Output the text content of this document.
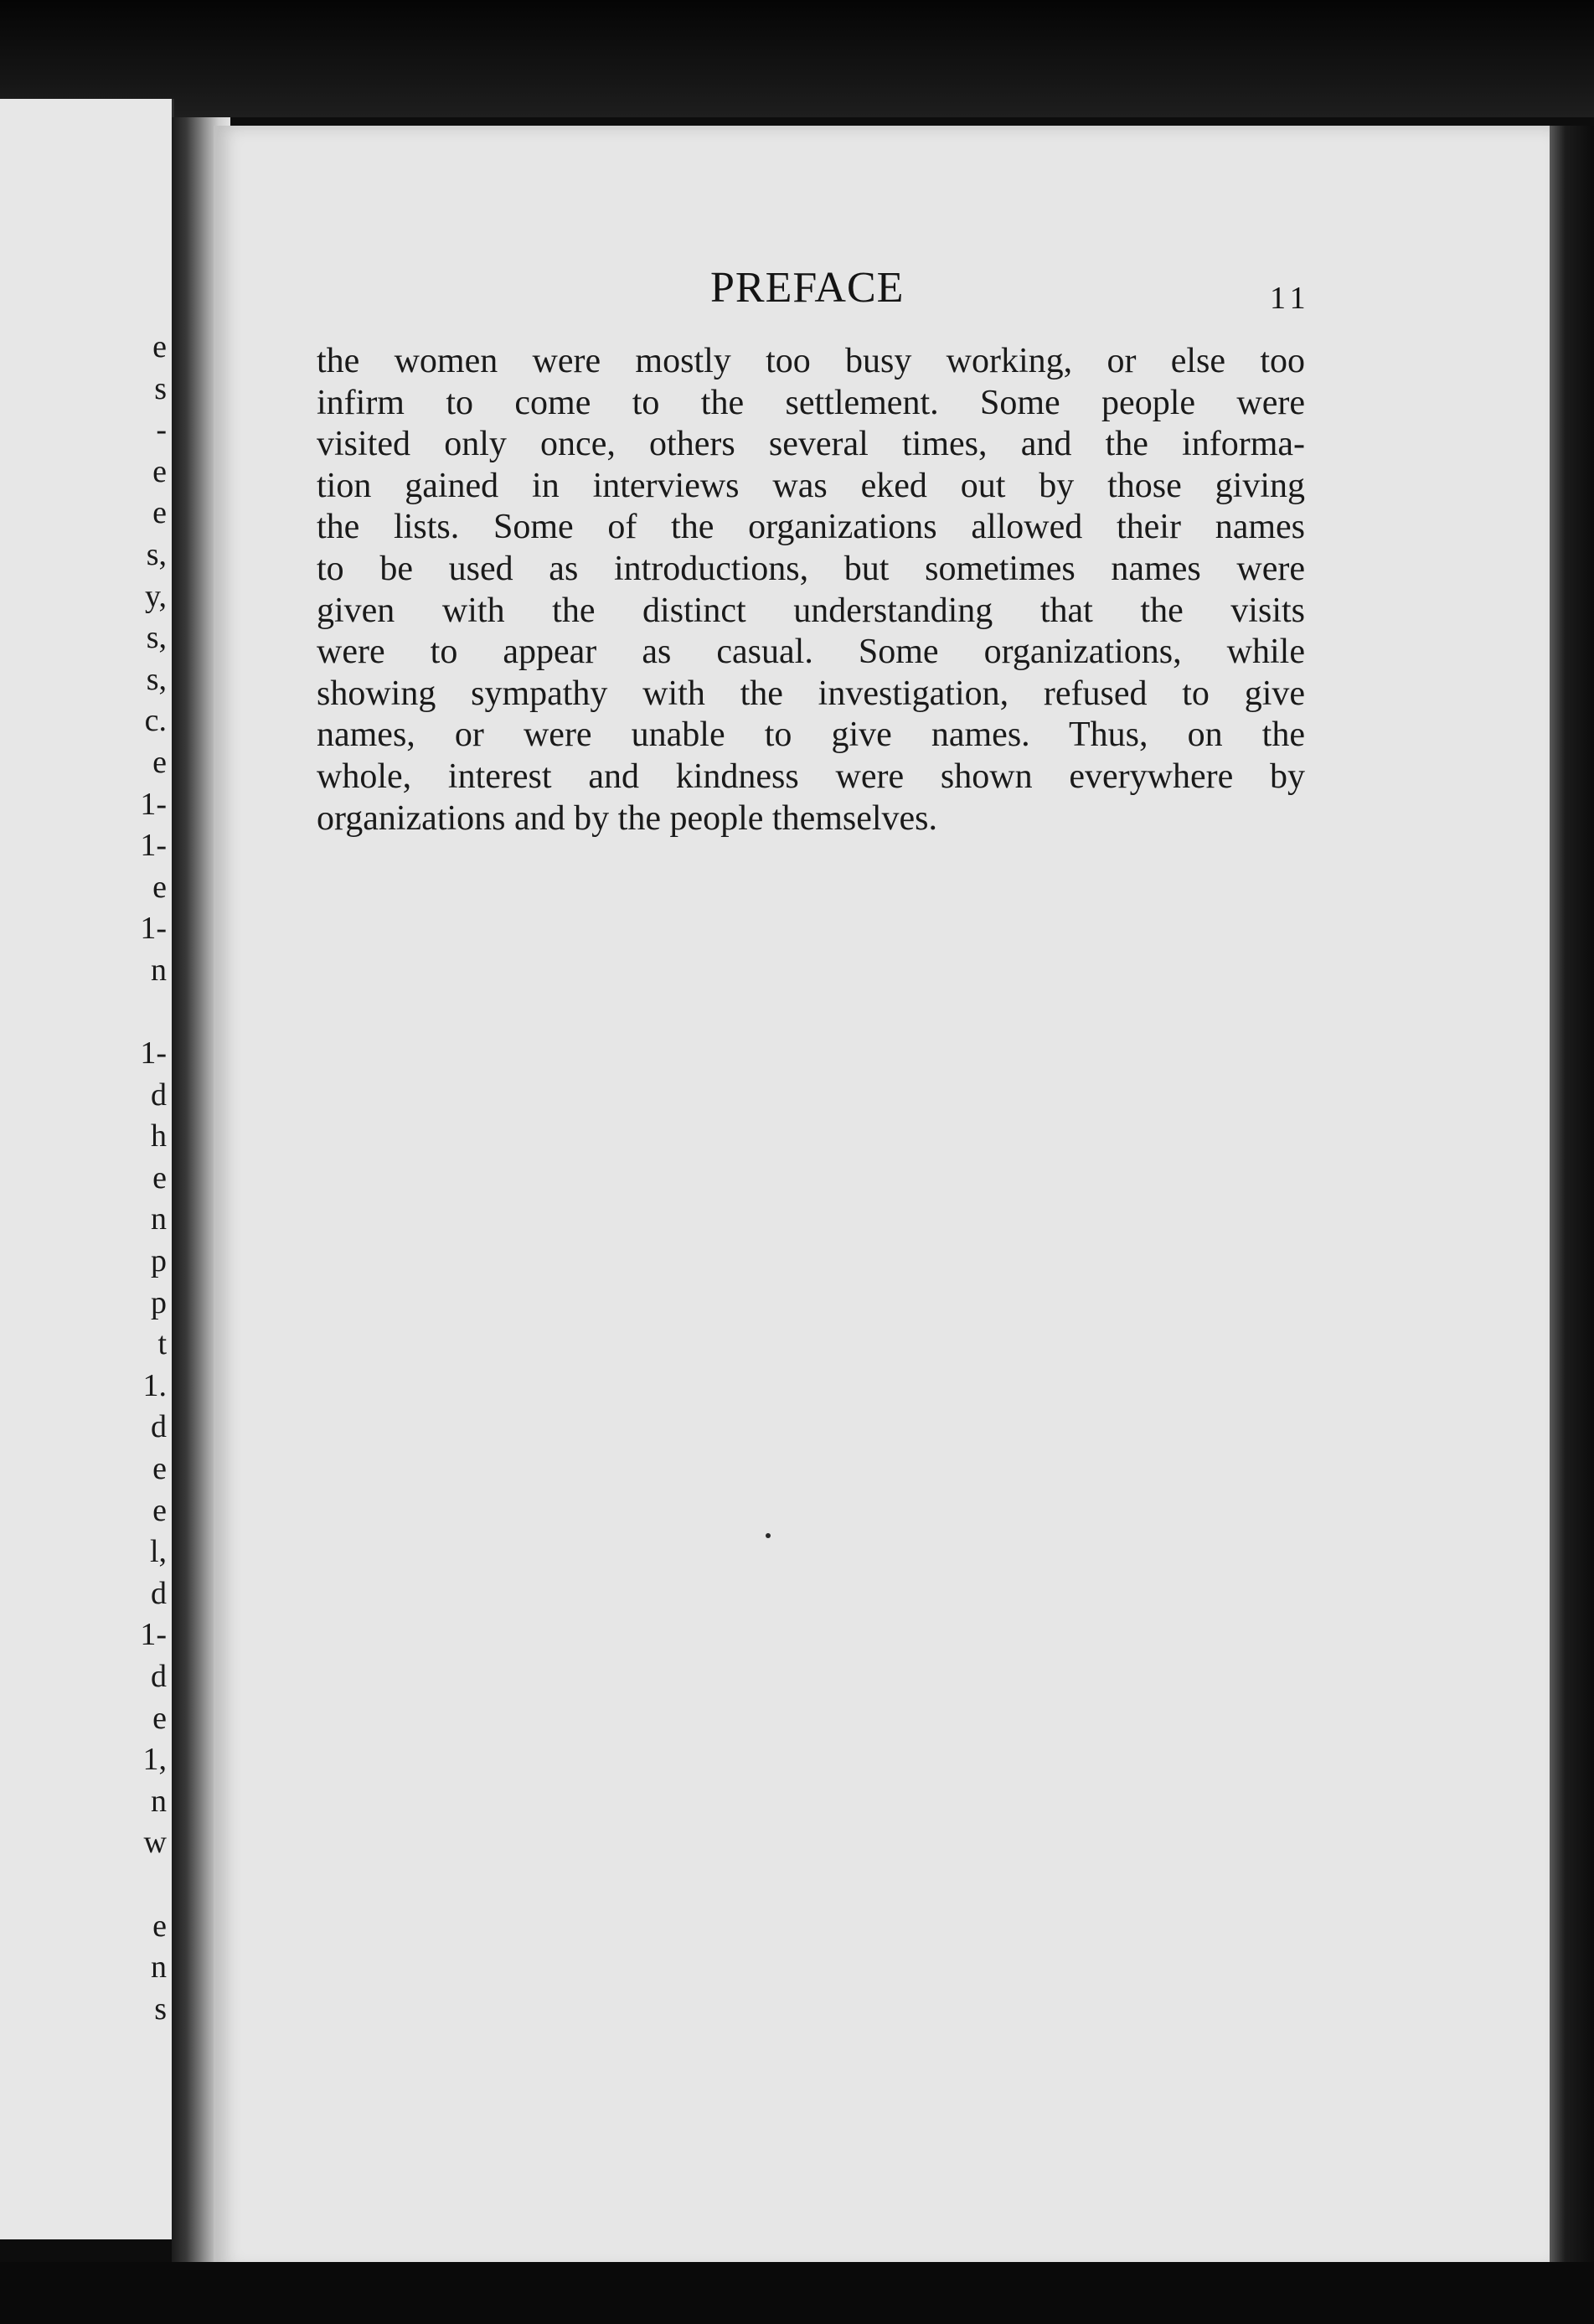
e
s
-
e
e
s,
y,
s,
s,
c.
e
1-
1-
e
1-
n
1-
d
h
e
n
p
p
t
1.
d
e
e
l,
d
1-
d
e
1,
n
w
e
n
s
PREFACE	11
the women were mostly too busy working, or else too
infirm to come to the settlement. Some people were
visited only once, others several times, and the informa-
tion gained in interviews was eked out by those giving
the lists. Some of the organizations allowed their names
to be used as introductions, but sometimes names were
given with the distinct understanding that the visits
were to appear as casual. Some organizations, while
showing sympathy with the investigation, refused to give
names, or were unable to give names. Thus, on the
whole, interest and kindness were shown everywhere by
organizations and by the people themselves.
